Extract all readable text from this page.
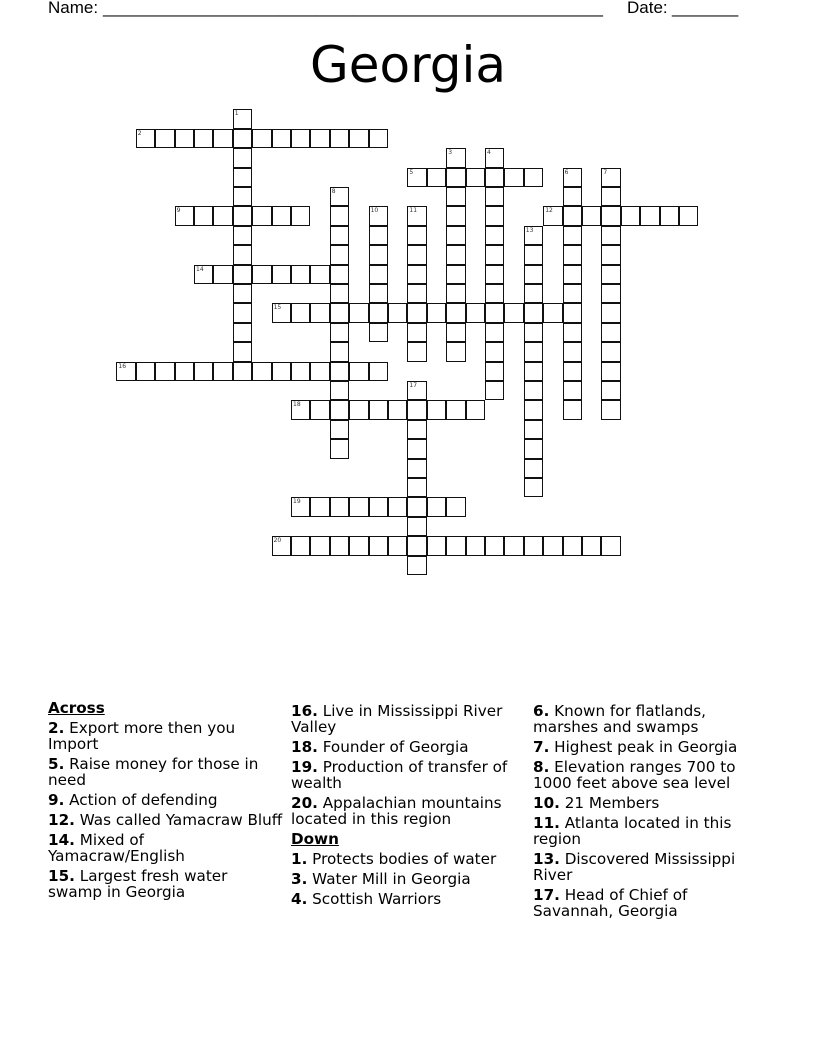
Name: ______________________________________________________ Date: _______
Georgia
1
2
3	4
5	6	7
8
9	10	11	12
13
14
15
16
17
18
19
20
Across
2. Export more then you Import
5. Raise money for those in need
9. Action of defending
12. Was called Yamacraw Bluff
14. Mixed of Yamacraw/English
15. Largest fresh water swamp in Georgia
16. Live in Mississippi River Valley
18. Founder of Georgia
19. Production of transfer of wealth
20. Appalachian mountains located in this region
Down
1. Protects bodies of water
3. Water Mill in Georgia
4. Scottish Warriors
6. Known for flatlands, marshes and swamps
7. Highest peak in Georgia
8. Elevation ranges 700 to 1000 feet above sea level
10. 21 Members
11. Atlanta located in this region
13. Discovered Mississippi River
17. Head of Chief of Savannah, Georgia
